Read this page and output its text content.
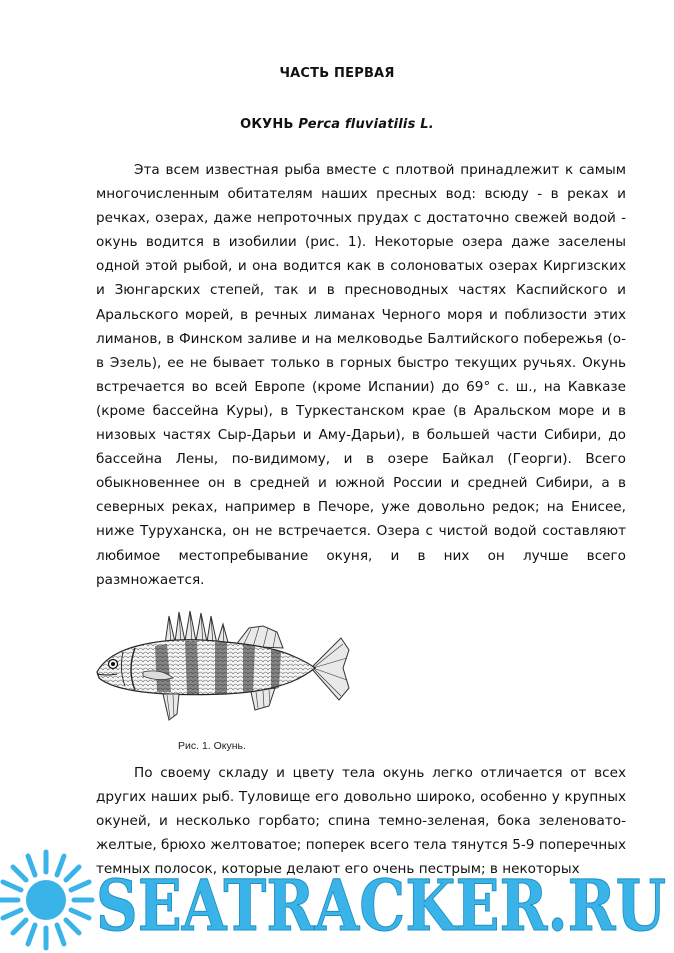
ЧАСТЬ ПЕРВАЯ
ОКУНЬ Perca fluviatilis L.

Эта всем известная рыба вместе с плотвой принадлежит к самым многочисленным обитателям наших пресных вод: всюду - в реках и речках, озерах, даже непроточных прудах с достаточно свежей водой - окунь водится в изобилии (рис. 1). Некоторые озера даже заселены одной этой рыбой, и она водится как в солоноватых озерах Киргизских и Зюнгарских степей, так и в пресноводных частях Каспийского и Аральского морей, в речных лиманах Черного моря и поблизости этих лиманов, в Финском заливе и на мелководье Балтийского побережья (о-в Эзель), ее не бывает только в горных быстро текущих ручьях. Окунь встречается во всей Европе (кроме Испании) до 69° с. ш., на Кавказе (кроме бассейна Куры), в Туркестанском крае (в Аральском море и в низовых частях Сыр-Дарьи и Аму-Дарьи), в большей части Сибири, до бассейна Лены, по-видимому, и в озере Байкал (Георги). Всего обыкновеннее он в средней и южной России и средней Сибири, а в северных реках, например в Печоре, уже довольно редок; на Енисее, ниже Туруханска, он не встречается. Озера с чистой водой составляют любимое местопребывание окуня, и в них он лучше всего размножается.

Рис. 1. Окунь.

По своему складу и цвету тела окунь легко отличается от всех других наших рыб. Туловище его довольно широко, особенно у крупных окуней, и несколько горбато; спина темно-зеленая, бока зеленовато-желтые, брюхо желтоватое; поперек всего тела тянутся 5-9 поперечных темных полосок, которые делают его очень пестрым; в некоторых

SEATRACKER.RU
